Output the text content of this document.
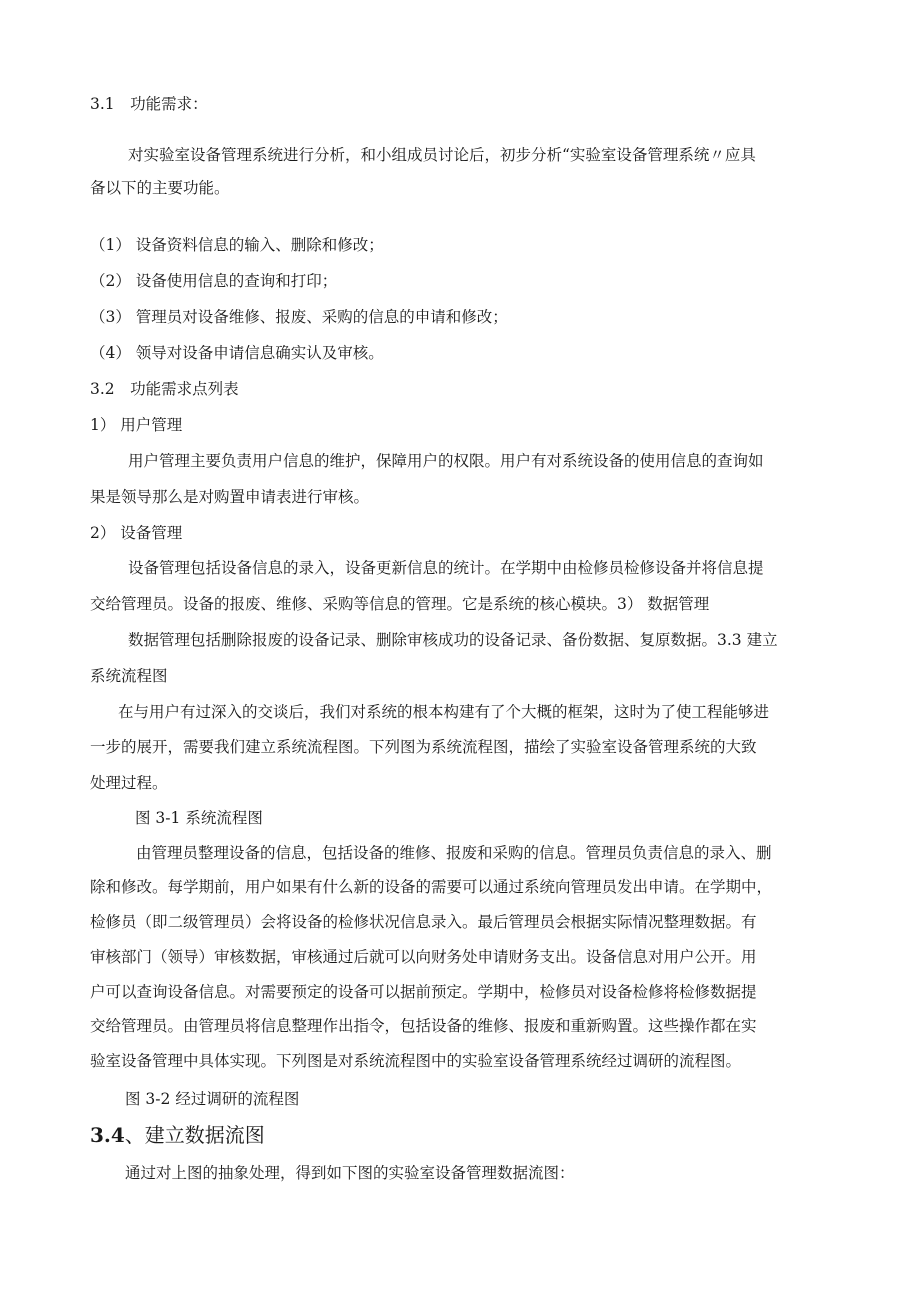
3.1　功能需求：
对实验室设备管理系统进行分析，和小组成员讨论后，初步分析“实验室设备管理系统〃应具
备以下的主要功能。
（1） 设备资料信息的输入、删除和修改；
（2） 设备使用信息的查询和打印；
（3） 管理员对设备维修、报废、采购的信息的申请和修改；
（4） 领导对设备申请信息确实认及审核。
3.2　功能需求点列表
1） 用户管理
用户管理主要负责用户信息的维护，保障用户的权限。用户有对系统设备的使用信息的查询如
果是领导那么是对购置申请表进行审核。
2） 设备管理
设备管理包括设备信息的录入，设备更新信息的统计。在学期中由检修员检修设备并将信息提
交给管理员。设备的报废、维修、采购等信息的管理。它是系统的核心模块。3） 数据管理
数据管理包括删除报废的设备记录、删除审核成功的设备记录、备份数据、复原数据。3.3 建立
系统流程图
在与用户有过深入的交谈后，我们对系统的根本构建有了个大概的框架，这时为了使工程能够进
一步的展开，需要我们建立系统流程图。下列图为系统流程图，描绘了实验室设备管理系统的大致
处理过程。
图 3-1 系统流程图
由管理员整理设备的信息，包括设备的维修、报废和采购的信息。管理员负责信息的录入、删
除和修改。每学期前，用户如果有什么新的设备的需要可以通过系统向管理员发出申请。在学期中，
检修员（即二级管理员）会将设备的检修状况信息录入。最后管理员会根据实际情况整理数据。有
审核部门（领导）审核数据，审核通过后就可以向财务处申请财务支出。设备信息对用户公开。用
户可以查询设备信息。对需要预定的设备可以据前预定。学期中，检修员对设备检修将检修数据提
交给管理员。由管理员将信息整理作出指令，包括设备的维修、报废和重新购置。这些操作都在实
验室设备管理中具体实现。下列图是对系统流程图中的实验室设备管理系统经过调研的流程图。
图 3-2 经过调研的流程图
3.4、建立数据流图
通过对上图的抽象处理，得到如下图的实验室设备管理数据流图：
